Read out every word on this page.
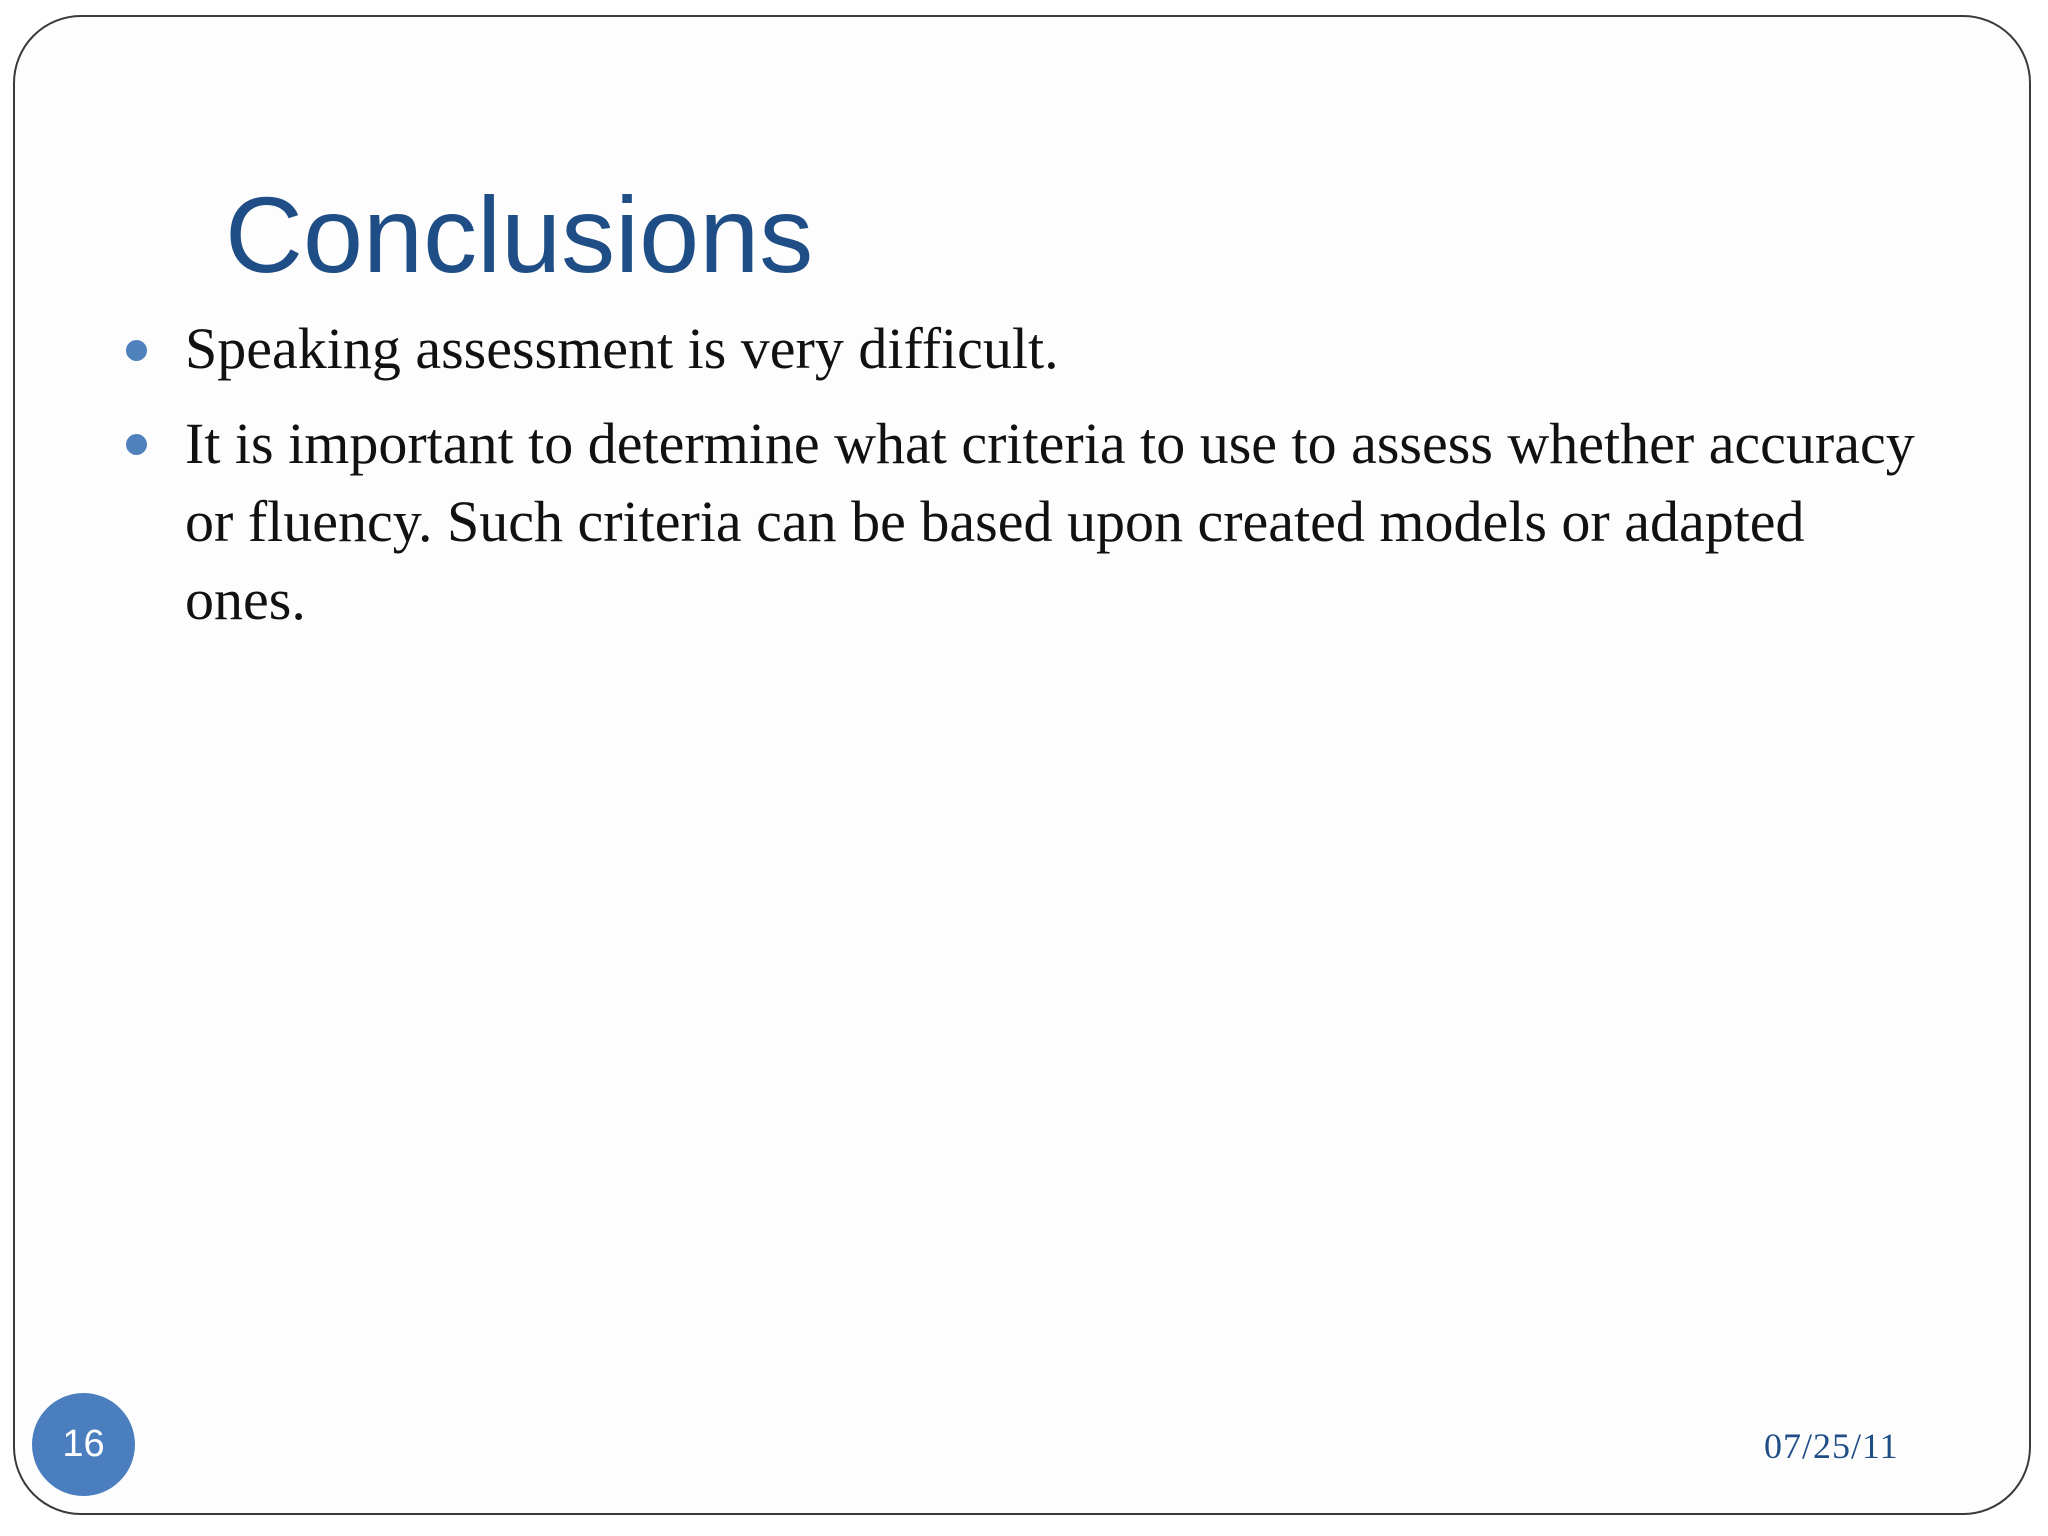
Conclusions
Speaking assessment is very difficult.
It is important to determine what criteria to use to assess whether accuracy or fluency. Such criteria can be based upon created models or adapted ones.
16	07/25/11
